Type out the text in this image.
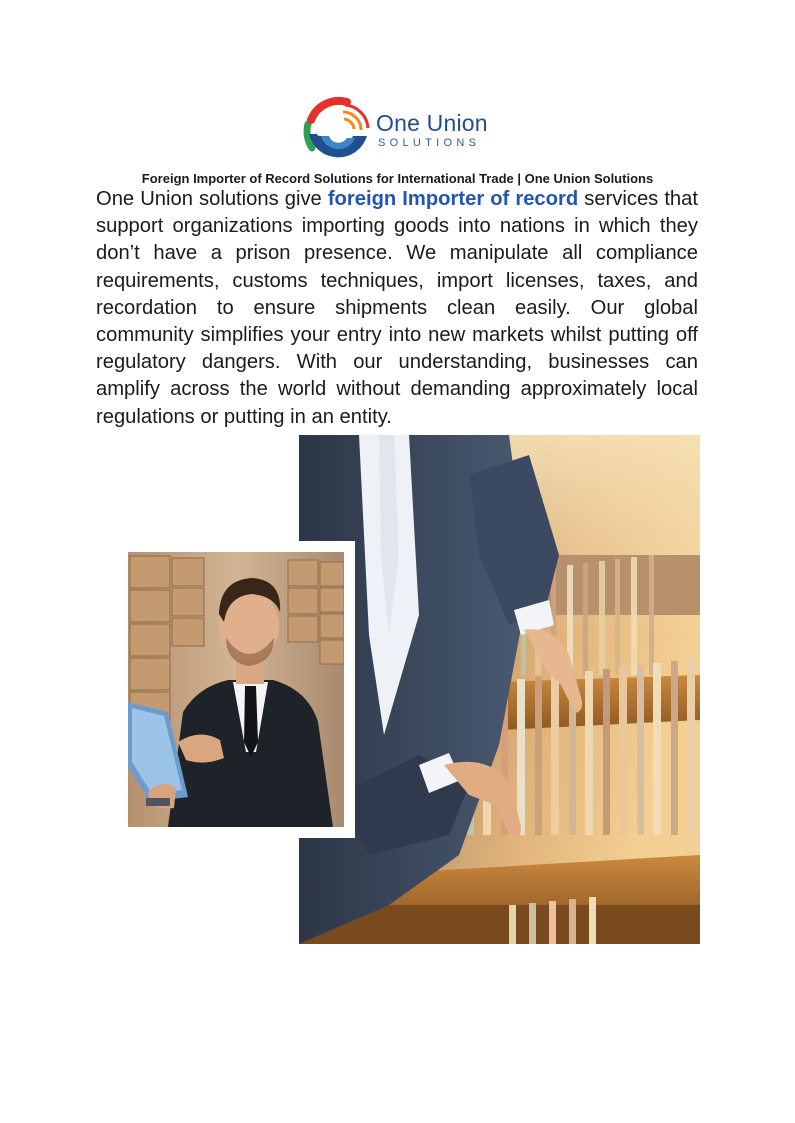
One Union
SOLUTIONS
Foreign Importer of Record Solutions for International Trade | One Union Solutions

One Union solutions give foreign Importer of record services that support organizations importing goods into nations in which they don’t have a prison presence. We manipulate all compliance requirements, customs techniques, import licenses, taxes, and recordation to ensure shipments clean easily. Our global community simplifies your entry into new markets whilst putting off regulatory dangers. With our understanding, businesses can amplify across the world without demanding approximately local regulations or putting in an entity.
